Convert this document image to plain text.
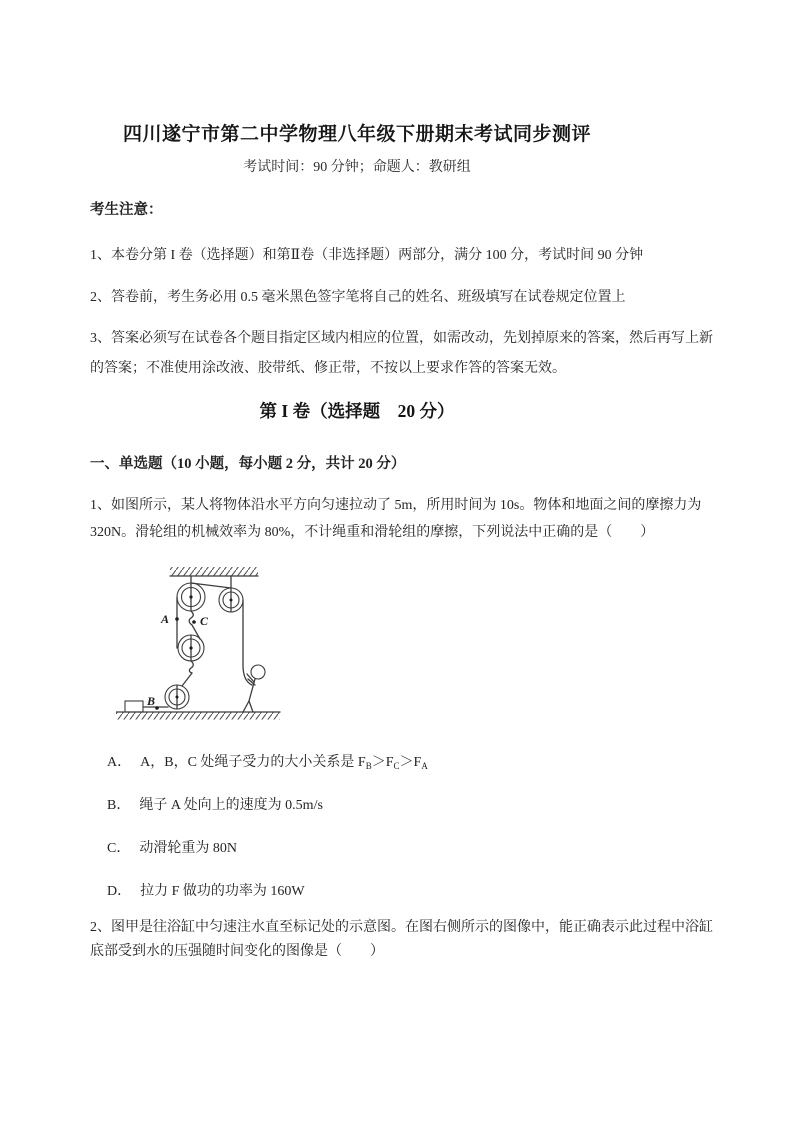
四川遂宁市第二中学物理八年级下册期末考试同步测评
考试时间：90 分钟；命题人：教研组
考生注意：
1、本卷分第 I 卷（选择题）和第Ⅱ卷（非选择题）两部分，满分 100 分，考试时间 90 分钟
2、答卷前，考生务必用 0.5 毫米黑色签字笔将自己的姓名、班级填写在试卷规定位置上
3、答案必须写在试卷各个题目指定区域内相应的位置，如需改动，先划掉原来的答案，然后再写上新的答案；不准使用涂改液、胶带纸、修正带，不按以上要求作答的答案无效。
第 I 卷（选择题　20 分）
一、单选题（10 小题，每小题 2 分，共计 20 分）
1、如图所示，某人将物体沿水平方向匀速拉动了 5m，所用时间为 10s。物体和地面之间的摩擦力为 320N。滑轮组的机械效率为 80%，不计绳重和滑轮组的摩擦，下列说法中正确的是（　　）
A	C
B
A． A，B，C 处绳子受力的大小关系是 $F_B>F_C>F_A$
B． 绳子 A 处向上的速度为 0.5m/s
C． 动滑轮重为 80N
D． 拉力 F 做功的功率为 160W
2、图甲是往浴缸中匀速注水直至标记处的示意图。在图右侧所示的图像中，能正确表示此过程中浴缸底部受到水的压强随时间变化的图像是（　　）
